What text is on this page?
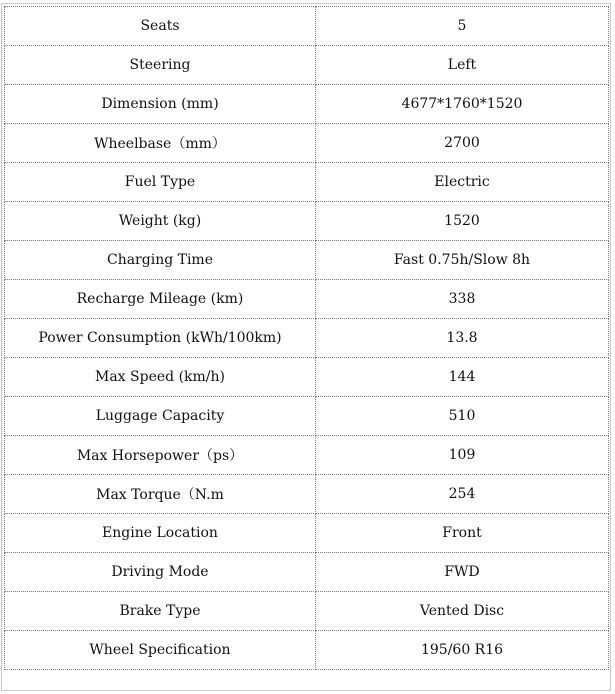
Seats	5
Steering	Left
Dimension (mm)	4677*1760*1520
Wheelbase（mm）	2700
Fuel Type	Electric
Weight (kg)	1520
Charging Time	Fast 0.75h/Slow 8h
Recharge Mileage (km)	338
Power Consumption (kWh/100km)	13.8
Max Speed (km/h)	144
Luggage Capacity	510
Max Horsepower（ps）	109
Max Torque（N.m	254
Engine Location	Front
Driving Mode	FWD
Brake Type	Vented Disc
Wheel Specification	195/60 R16
